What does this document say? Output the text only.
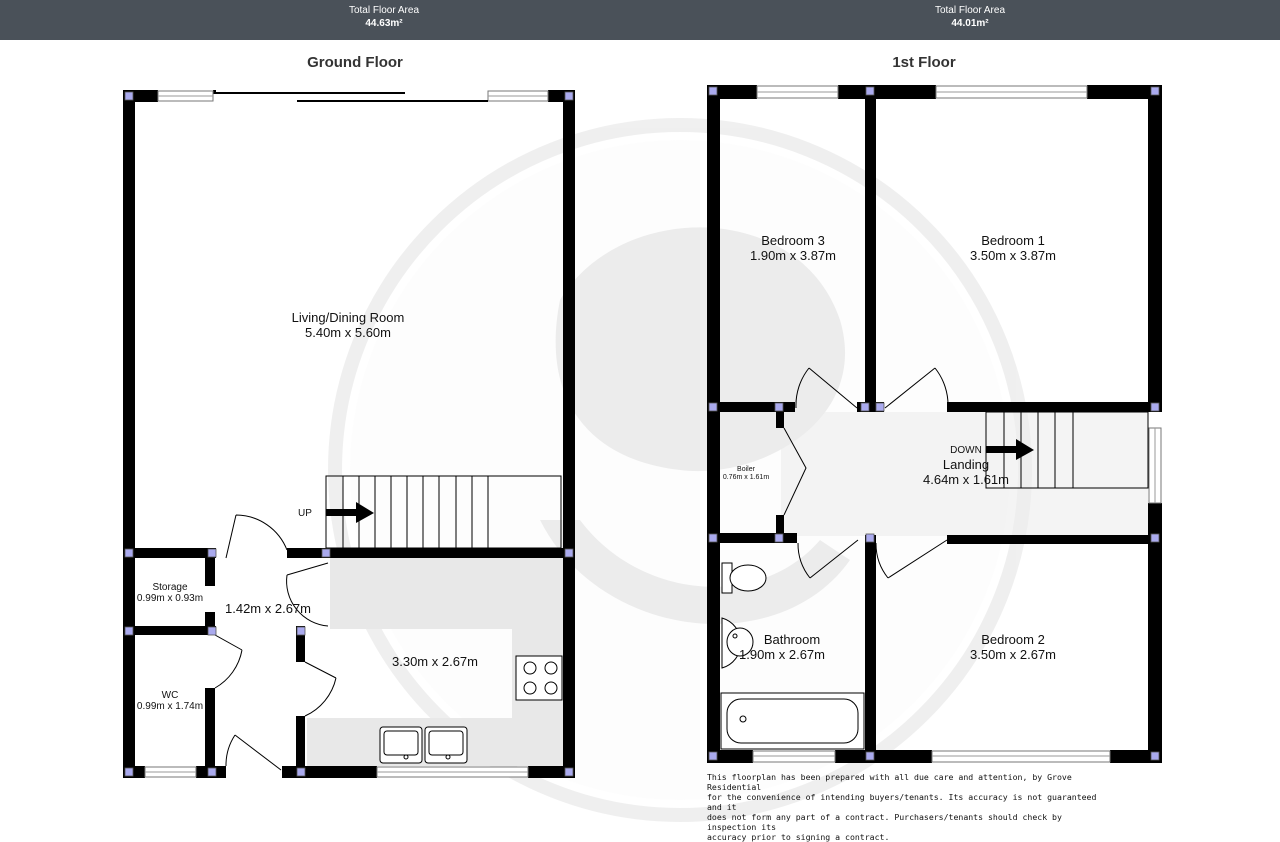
Total Floor Area
44.63m²
Total Floor Area
44.01m²
Ground Floor	1st Floor
Living/Dining Room
5.40m x 5.60m
1.42m x 2.67m
3.30m x 2.67m
Storage
0.99m x 0.93m
WC
0.99m x 1.74m
UP
DOWN
Bedroom 3
1.90m x 3.87m
Bedroom 1
3.50m x 3.87m
Landing
4.64m x 1.61m
Bathroom
1.90m x 2.67m
Bedroom 2
3.50m x 2.67m
Boiler
0.76m x 1.61m
This floorplan has been prepared with all due care and attention, by Grove Residential
for the convenience of intending buyers/tenants. Its accuracy is not guaranteed and it
does not form any part of a contract. Purchasers/tenants should check by inspection its
accuracy prior to signing a contract.
